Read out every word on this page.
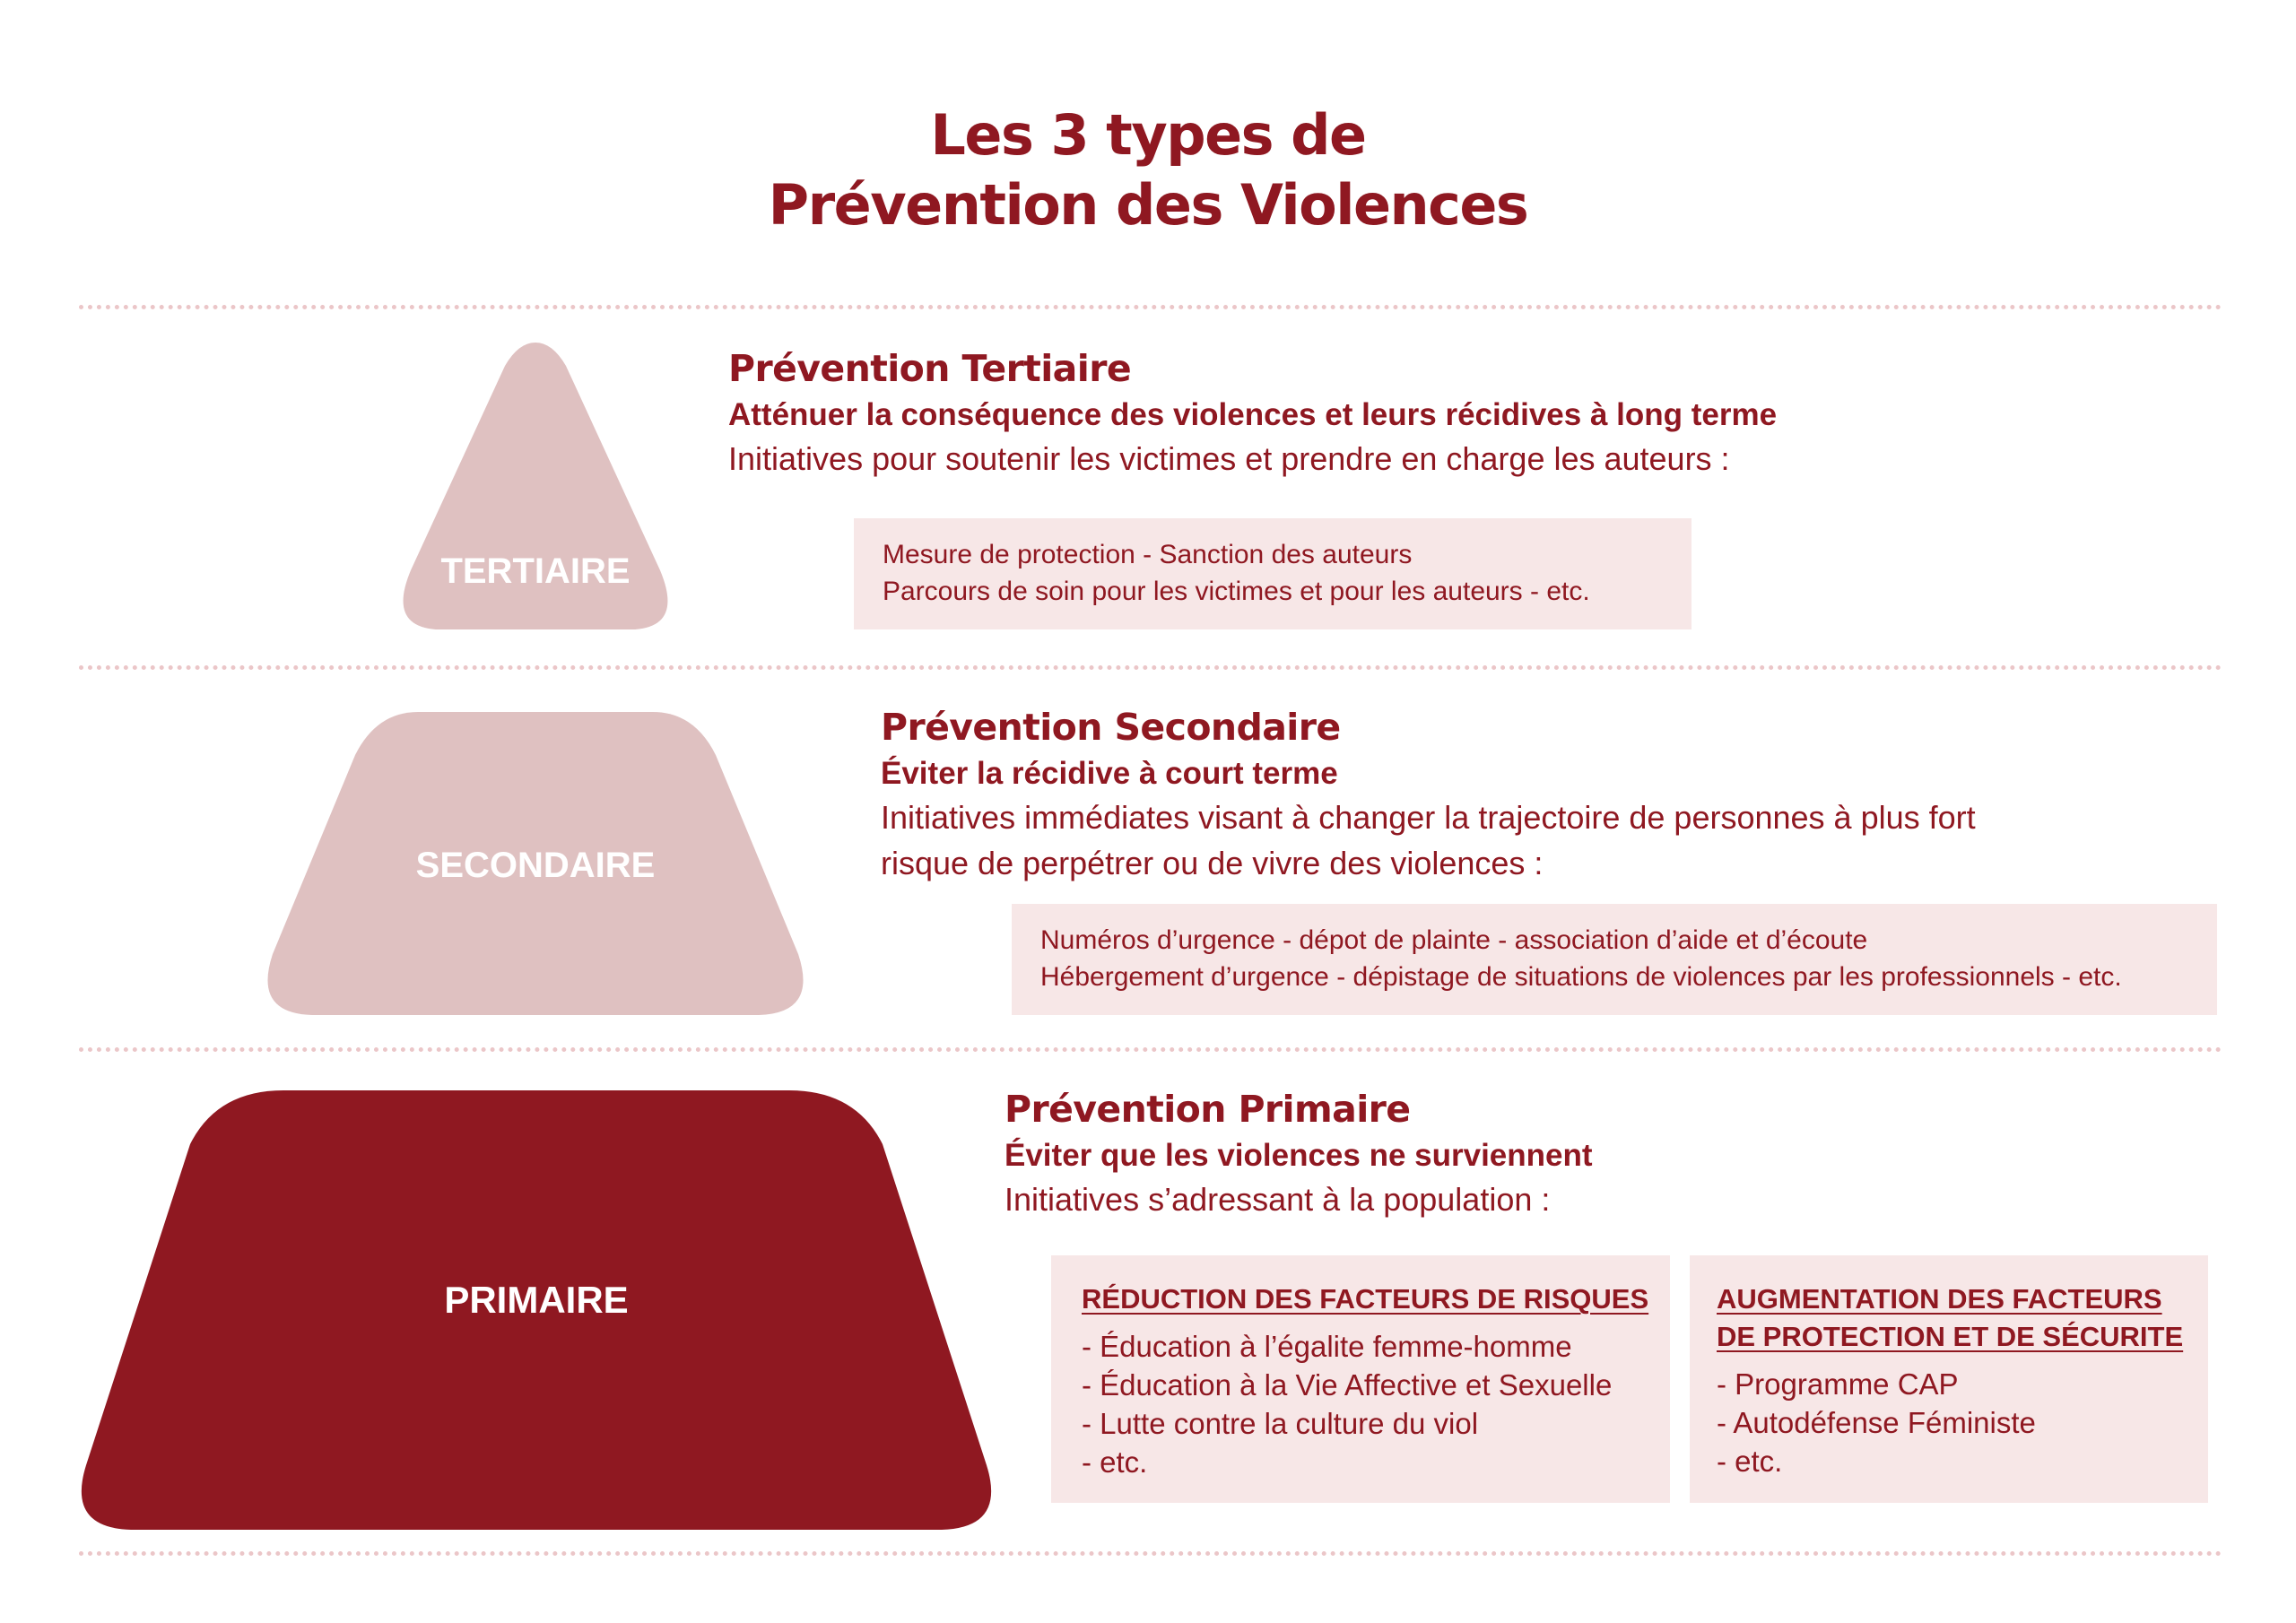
Les 3 types de
Prévention des Violences
TERTIAIRE
Prévention Tertiaire

Atténuer la conséquence des violences et leurs récidives à long terme

Initiatives pour soutenir les victimes et prendre en charge les auteurs :
Mesure de protection - Sanction des auteurs
Parcours de soin pour les victimes et pour les auteurs - etc.
SECONDAIRE
Prévention Secondaire

Éviter la récidive à court terme

Initiatives immédiates visant à changer la trajectoire de personnes à plus fort
risque de perpétrer ou de vivre des violences :
Numéros d’urgence - dépot de plainte - association d’aide et d’écoute
Hébergement d’urgence - dépistage de situations de violences par les professionnels - etc.
PRIMAIRE
Prévention Primaire

Éviter que les violences ne surviennent

Initiatives s’adressant à la population :
RÉDUCTION DES FACTEURS DE RISQUES
- Éducation à l’égalite femme-homme
- Éducation à la Vie Affective et Sexuelle
- Lutte contre la culture du viol
- etc.
AUGMENTATION DES FACTEURS
DE PROTECTION ET DE SÉCURITE
- Programme CAP
- Autodéfense Féministe
- etc.
